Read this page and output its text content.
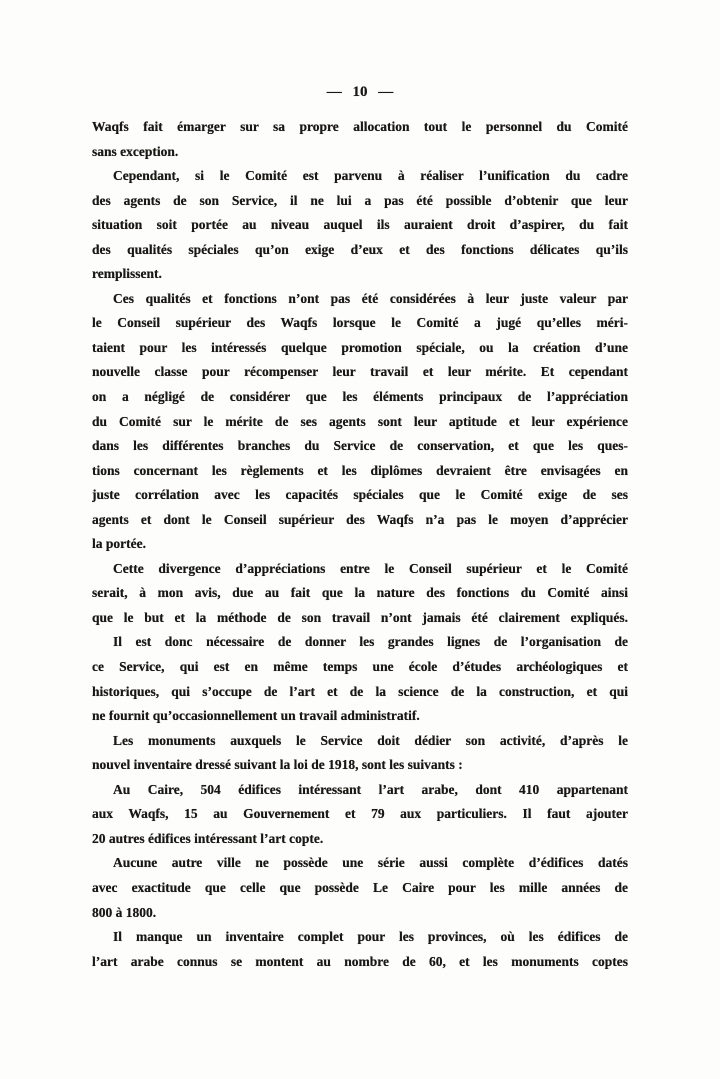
— 10 —
Waqfs fait émarger sur sa propre allocation tout le personnel du Comité
sans exception.
Cependant, si le Comité est parvenu à réaliser l’unification du cadre
des agents de son Service, il ne lui a pas été possible d’obtenir que leur
situation soit portée au niveau auquel ils auraient droit d’aspirer, du fait
des qualités spéciales qu’on exige d’eux et des fonctions délicates qu’ils
remplissent.
Ces qualités et fonctions n’ont pas été considérées à leur juste valeur par
le Conseil supérieur des Waqfs lorsque le Comité a jugé qu’elles méri-
taient pour les intéressés quelque promotion spéciale, ou la création d’une
nouvelle classe pour récompenser leur travail et leur mérite. Et cependant
on a négligé de considérer que les éléments principaux de l’appréciation
du Comité sur le mérite de ses agents sont leur aptitude et leur expérience
dans les différentes branches du Service de conservation, et que les ques-
tions concernant les règlements et les diplômes devraient être envisagées en
juste corrélation avec les capacités spéciales que le Comité exige de ses
agents et dont le Conseil supérieur des Waqfs n’a pas le moyen d’apprécier
la portée.
Cette divergence d’appréciations entre le Conseil supérieur et le Comité
serait, à mon avis, due au fait que la nature des fonctions du Comité ainsi
que le but et la méthode de son travail n’ont jamais été clairement expliqués.
Il est donc nécessaire de donner les grandes lignes de l’organisation de
ce Service, qui est en même temps une école d’études archéologiques et
historiques, qui s’occupe de l’art et de la science de la construction, et qui
ne fournit qu’occasionnellement un travail administratif.
Les monuments auxquels le Service doit dédier son activité, d’après le
nouvel inventaire dressé suivant la loi de 1918, sont les suivants :
Au Caire, 504 édifices intéressant l’art arabe, dont 410 appartenant
aux Waqfs, 15 au Gouvernement et 79 aux particuliers. Il faut ajouter
20 autres édifices intéressant l’art copte.
Aucune autre ville ne possède une série aussi complète d’édifices datés
avec exactitude que celle que possède Le Caire pour les mille années de
800 à 1800.
Il manque un inventaire complet pour les provinces, où les édifices de
l’art arabe connus se montent au nombre de 60, et les monuments coptes
